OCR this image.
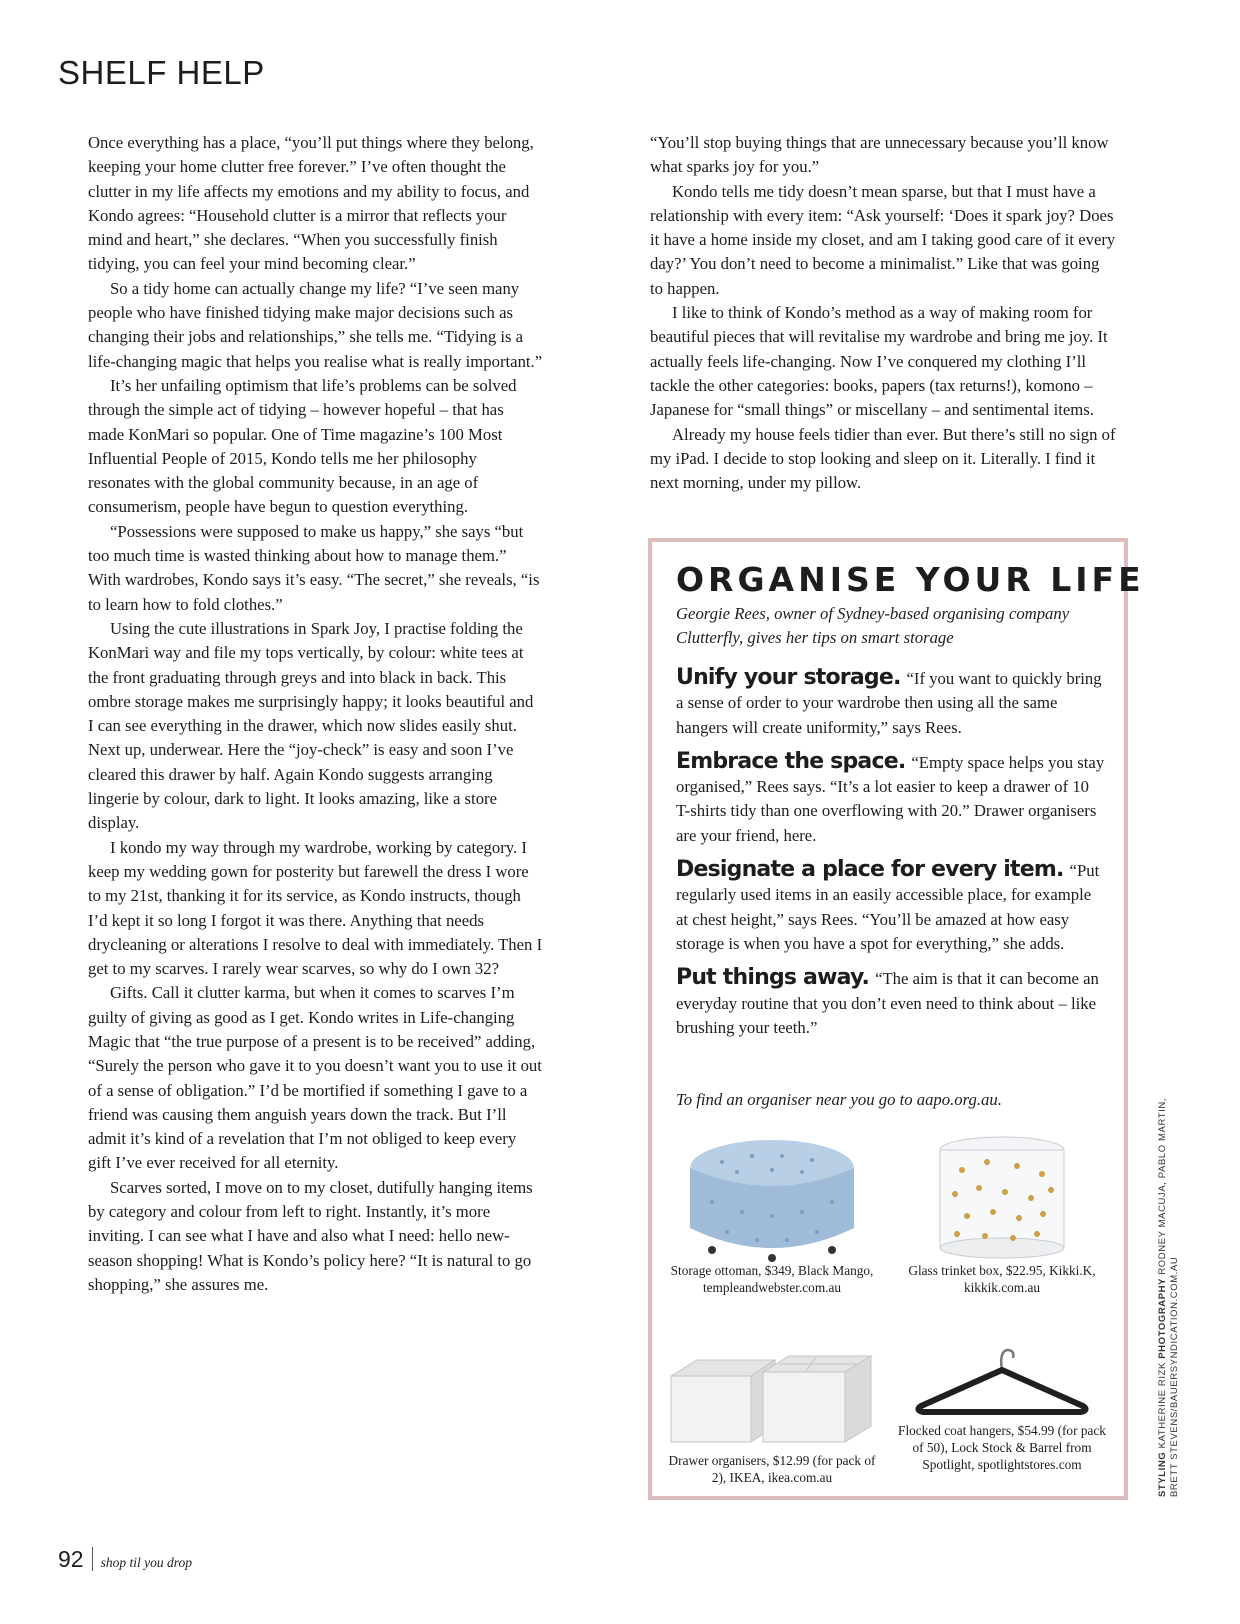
SHELF HELP

Once everything has a place, “you’ll put things where they belong, keeping your home clutter free forever.” I’ve often thought the clutter in my life affects my emotions and my ability to focus, and Kondo agrees: “Household clutter is a mirror that reflects your mind and heart,” she declares. “When you successfully finish tidying, you can feel your mind becoming clear.”

So a tidy home can actually change my life? “I’ve seen many people who have finished tidying make major decisions such as changing their jobs and relationships,” she tells me. “Tidying is a life-changing magic that helps you realise what is really important.”

It’s her unfailing optimism that life’s problems can be solved through the simple act of tidying – however hopeful – that has made KonMari so popular. One of Time magazine’s 100 Most Influential People of 2015, Kondo tells me her philosophy resonates with the global community because, in an age of consumerism, people have begun to question everything.

“Possessions were supposed to make us happy,” she says “but too much time is wasted thinking about how to manage them.” With wardrobes, Kondo says it’s easy. “The secret,” she reveals, “is to learn how to fold clothes.”

Using the cute illustrations in Spark Joy, I practise folding the KonMari way and file my tops vertically, by colour: white tees at the front graduating through greys and into black in back. This ombre storage makes me surprisingly happy; it looks beautiful and I can see everything in the drawer, which now slides easily shut. Next up, underwear. Here the “joy-check” is easy and soon I’ve cleared this drawer by half. Again Kondo suggests arranging lingerie by colour, dark to light. It looks amazing, like a store display.

I kondo my way through my wardrobe, working by category. I keep my wedding gown for posterity but farewell the dress I wore to my 21st, thanking it for its service, as Kondo instructs, though I’d kept it so long I forgot it was there. Anything that needs drycleaning or alterations I resolve to deal with immediately. Then I get to my scarves. I rarely wear scarves, so why do I own 32?

Gifts. Call it clutter karma, but when it comes to scarves I’m guilty of giving as good as I get. Kondo writes in Life-changing Magic that “the true purpose of a present is to be received” adding, “Surely the person who gave it to you doesn’t want you to use it out of a sense of obligation.” I’d be mortified if something I gave to a friend was causing them anguish years down the track. But I’ll admit it’s kind of a revelation that I’m not obliged to keep every gift I’ve ever received for all eternity.

Scarves sorted, I move on to my closet, dutifully hanging items by category and colour from left to right. Instantly, it’s more inviting. I can see what I have and also what I need: hello new-season shopping! What is Kondo’s policy here? “It is natural to go shopping,” she assures me.

“You’ll stop buying things that are unnecessary because you’ll know what sparks joy for you.”

Kondo tells me tidy doesn’t mean sparse, but that I must have a relationship with every item: “Ask yourself: ‘Does it spark joy? Does it have a home inside my closet, and am I taking good care of it every day?’ You don’t need to become a minimalist.” Like that was going to happen.

I like to think of Kondo’s method as a way of making room for beautiful pieces that will revitalise my wardrobe and bring me joy. It actually feels life-changing. Now I’ve conquered my clothing I’ll tackle the other categories: books, papers (tax returns!), komono – Japanese for “small things” or miscellany – and sentimental items.

Already my house feels tidier than ever. But there’s still no sign of my iPad. I decide to stop looking and sleep on it. Literally. I find it next morning, under my pillow.

ORGANISE YOUR LIFE
Georgie Rees, owner of Sydney-based organising company Clutterfly, gives her tips on smart storage
Unify your storage. “If you want to quickly bring a sense of order to your wardrobe then using all the same hangers will create uniformity,” says Rees.
Embrace the space. “Empty space helps you stay organised,” Rees says. “It’s a lot easier to keep a drawer of 10 T-shirts tidy than one overflowing with 20.” Drawer organisers are your friend, here.
Designate a place for every item. “Put regularly used items in an easily accessible place, for example at chest height,” says Rees. “You’ll be amazed at how easy storage is when you have a spot for everything,” she adds.
Put things away. “The aim is that it can become an everyday routine that you don’t even need to think about – like brushing your teeth.”
To find an organiser near you go to aapo.org.au.
Storage ottoman, $349, Black Mango, templeandwebster.com.au
Glass trinket box, $22.95, Kikki.K, kikkik.com.au
Drawer organisers, $12.99 (for pack of 2), IKEA, ikea.com.au
Flocked coat hangers, $54.99 (for pack of 50), Lock Stock & Barrel from Spotlight, spotlightstores.com	STYLING KATHERINE RIZK PHOTOGRAPHY RODNEY MACUJA, PABLO MARTIN, BRETT STEVENS/BAUERSYNDICATION.COM.AU
92 shop til you drop
